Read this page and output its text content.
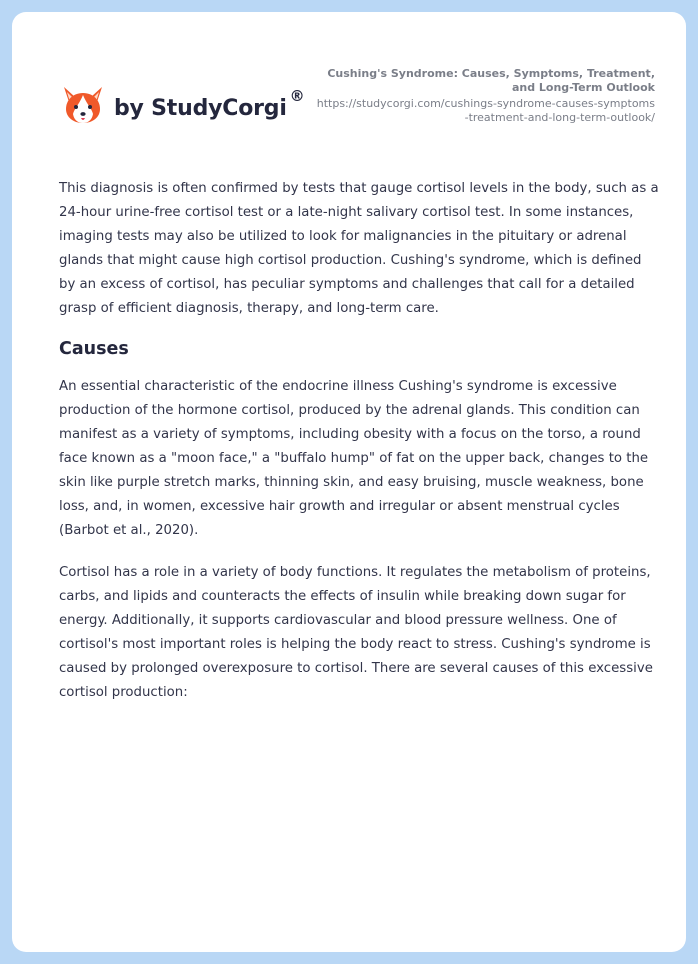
by StudyCorgi ®
Cushing's Syndrome: Causes, Symptoms, Treatment, and Long-Term Outlook
https://studycorgi.com/cushings-syndrome-causes-symptoms-treatment-and-long-term-outlook/

This diagnosis is often confirmed by tests that gauge cortisol levels in the body, such as a 24-hour urine-free cortisol test or a late-night salivary cortisol test. In some instances, imaging tests may also be utilized to look for malignancies in the pituitary or adrenal glands that might cause high cortisol production. Cushing's syndrome, which is defined by an excess of cortisol, has peculiar symptoms and challenges that call for a detailed grasp of efficient diagnosis, therapy, and long-term care.

Causes

An essential characteristic of the endocrine illness Cushing's syndrome is excessive production of the hormone cortisol, produced by the adrenal glands. This condition can manifest as a variety of symptoms, including obesity with a focus on the torso, a round face known as a "moon face," a "buffalo hump" of fat on the upper back, changes to the skin like purple stretch marks, thinning skin, and easy bruising, muscle weakness, bone loss, and, in women, excessive hair growth and irregular or absent menstrual cycles (Barbot et al., 2020).

Cortisol has a role in a variety of body functions. It regulates the metabolism of proteins, carbs, and lipids and counteracts the effects of insulin while breaking down sugar for energy. Additionally, it supports cardiovascular and blood pressure wellness. One of cortisol's most important roles is helping the body react to stress. Cushing's syndrome is caused by prolonged overexposure to cortisol. There are several causes of this excessive cortisol production:
